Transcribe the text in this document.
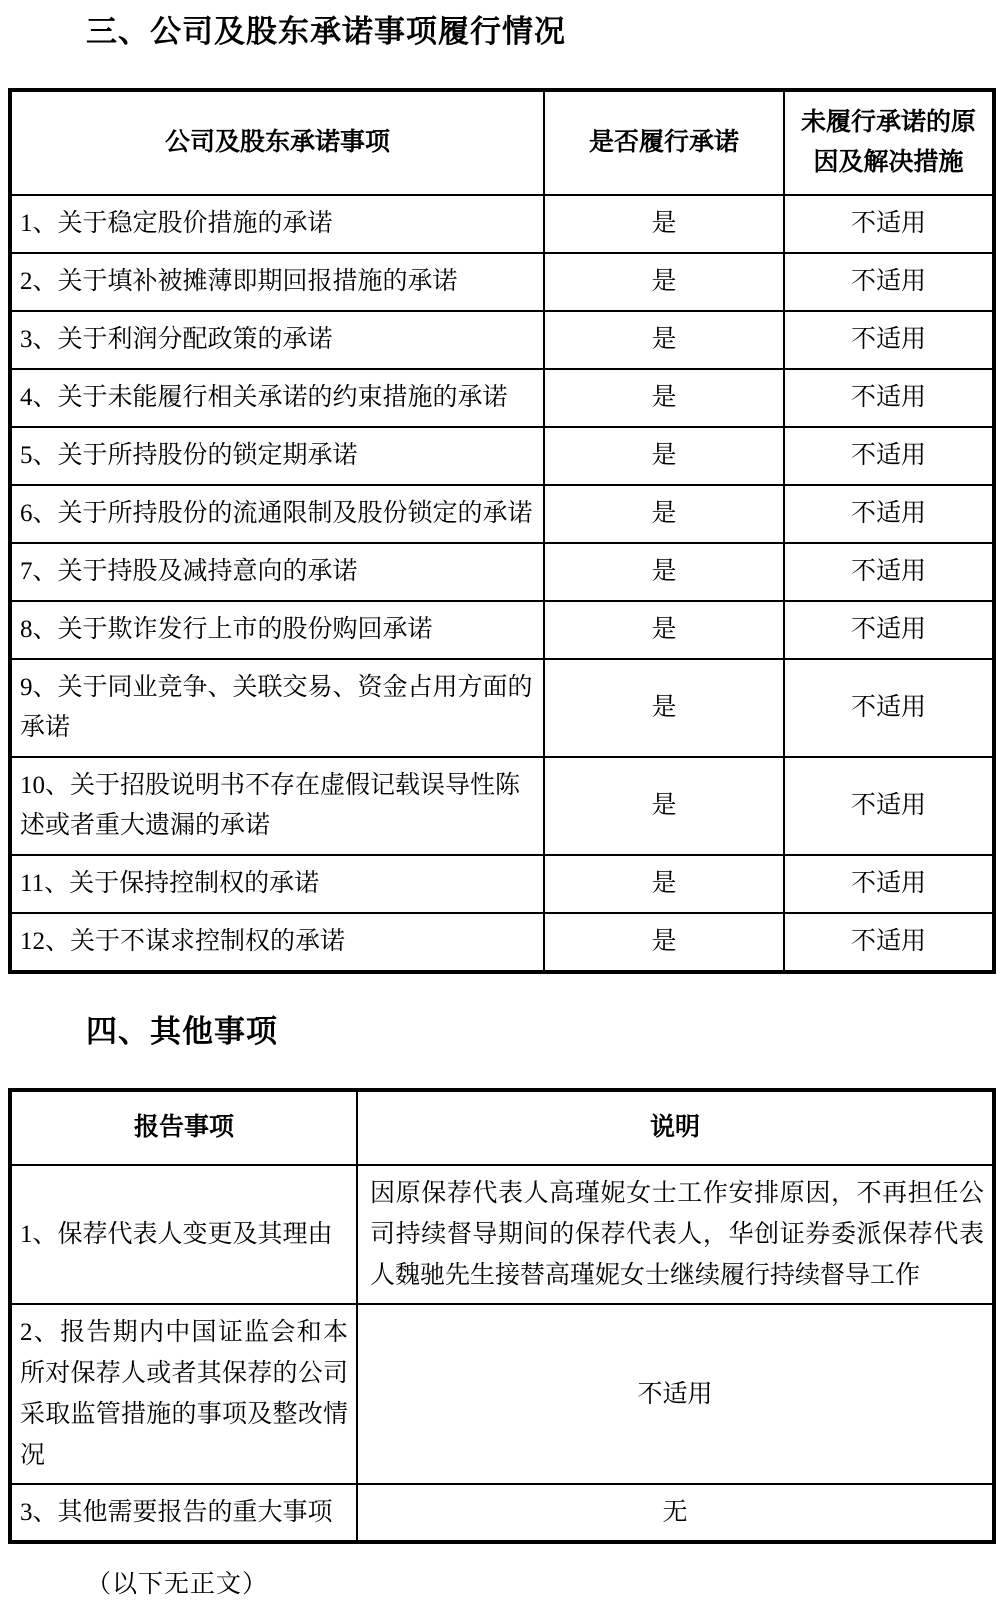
三、公司及股东承诺事项履行情况
公司及股东承诺事项	是否履行承诺	未履行承诺的原因及解决措施
1、关于稳定股价措施的承诺	是	不适用
2、关于填补被摊薄即期回报措施的承诺	是	不适用
3、关于利润分配政策的承诺	是	不适用
4、关于未能履行相关承诺的约束措施的承诺	是	不适用
5、关于所持股份的锁定期承诺	是	不适用
6、关于所持股份的流通限制及股份锁定的承诺	是	不适用
7、关于持股及减持意向的承诺	是	不适用
8、关于欺诈发行上市的股份购回承诺	是	不适用
9、关于同业竞争、关联交易、资金占用方面的承诺	是	不适用
10、关于招股说明书不存在虚假记载误导性陈述或者重大遗漏的承诺	是	不适用
11、关于保持控制权的承诺	是	不适用
12、关于不谋求控制权的承诺	是	不适用
四、其他事项
报告事项	说明
1、保荐代表人变更及其理由	因原保荐代表人高瑾妮女士工作安排原因，不再担任公司持续督导期间的保荐代表人，华创证券委派保荐代表人魏驰先生接替高瑾妮女士继续履行持续督导工作
2、报告期内中国证监会和本所对保荐人或者其保荐的公司采取监管措施的事项及整改情况	不适用
3、其他需要报告的重大事项	无
（以下无正文）
